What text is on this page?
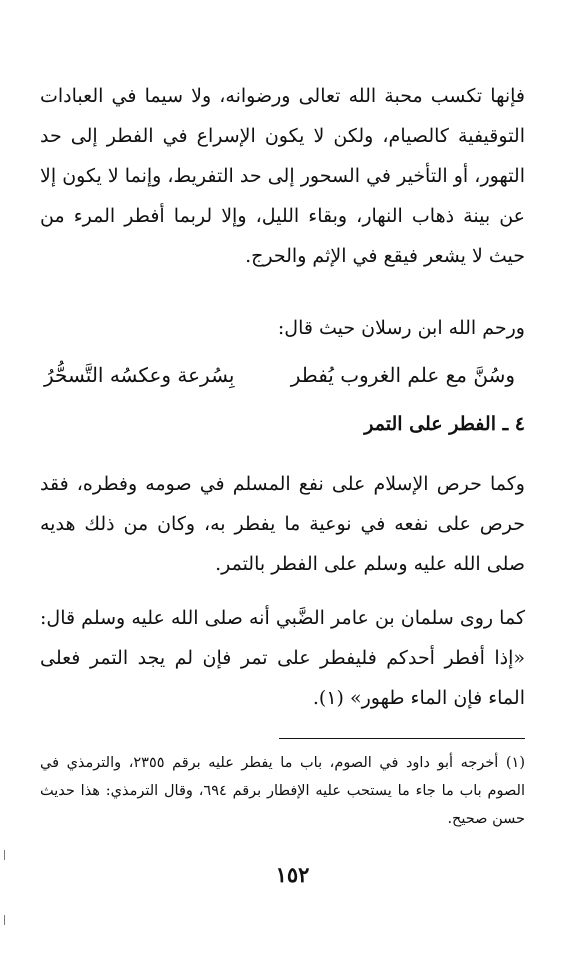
فإنها تكسب محبة الله تعالى ورضوانه، ولا سيما في العبادات التوقيفية كالصيام، ولكن لا يكون الإسراع في الفطر إلى حد التهور، أو التأخير في السحور إلى حد التفريط، وإنما لا يكون إلا عن بينة ذهاب النهار، وبقاء الليل، وإلا لربما أفطر المرء من حيث لا يشعر فيقع في الإثم والحرج.

ورحم الله ابن رسلان حيث قال:
وسُنَّ مع علم الغروب يُفطر
بِسُرعة وعكسُه التَّسحُّرُ
٤ ـ الفطر على التمر

وكما حرص الإسلام على نفع المسلم في صومه وفطره، فقد حرص على نفعه في نوعية ما يفطر به، وكان من ذلك هديه صلى الله عليه وسلم على الفطر بالتمر.

كما روى سلمان بن عامر الضَّبي أنه صلى الله عليه وسلم قال: «إذا أفطر أحدكم فليفطر على تمر فإن لم يجد التمر فعلى الماء فإن الماء طهور» (١).

(١) أخرجه أبو داود في الصوم، باب ما يفطر عليه برقم ٢٣٥٥، والترمذي في الصوم باب ما جاء ما يستحب عليه الإفطار برقم ٦٩٤، وقال الترمذي: هذا حديث حسن صحيح.

١٥٢
